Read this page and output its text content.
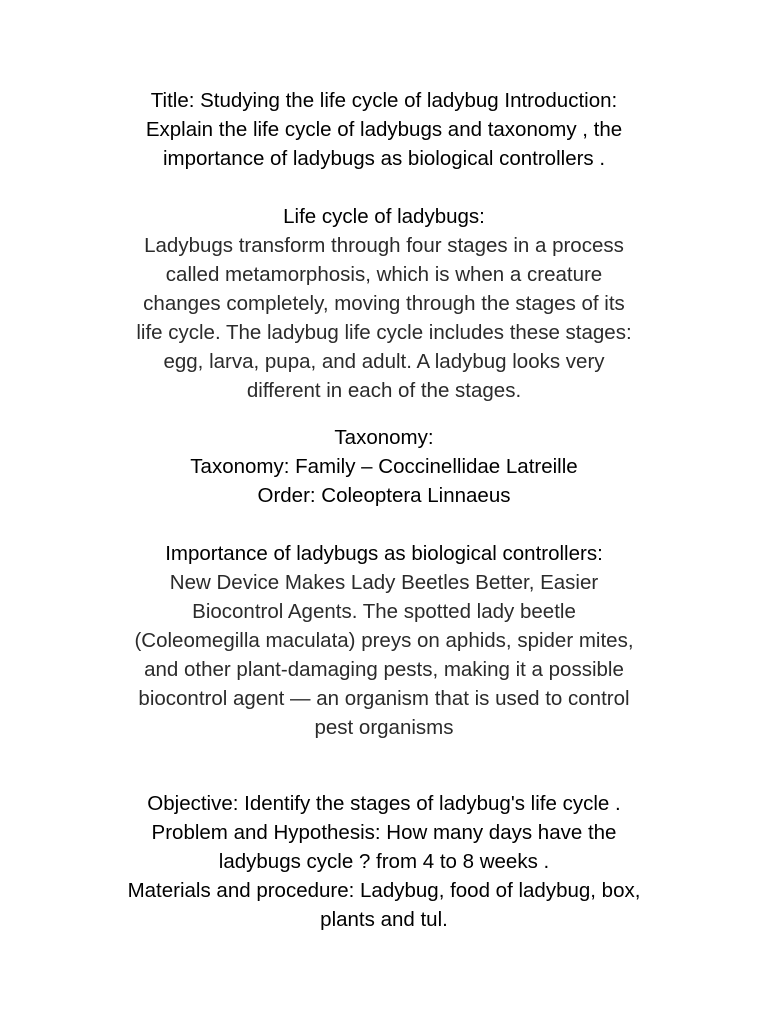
Title: Studying the life cycle of ladybug Introduction:
Explain the life cycle of ladybugs and taxonomy , the
importance of ladybugs as biological controllers .
Life cycle of ladybugs:
Ladybugs transform through four stages in a process
called metamorphosis, which is when a creature
changes completely, moving through the stages of its
life cycle. The ladybug life cycle includes these stages:
egg, larva, pupa, and adult. A ladybug looks very
different in each of the stages.
Taxonomy:
Taxonomy: Family – Coccinellidae Latreille
Order: Coleoptera Linnaeus
Importance of ladybugs as biological controllers:
New Device Makes Lady Beetles Better, Easier
Biocontrol Agents. The spotted lady beetle
(Coleomegilla maculata) preys on aphids, spider mites,
and other plant-damaging pests, making it a possible
biocontrol agent — an organism that is used to control
pest organisms
Objective: Identify the stages of ladybug's life cycle .
Problem and Hypothesis: How many days have the
ladybugs cycle ? from 4 to 8 weeks .
Materials and procedure: Ladybug, food of ladybug, box,
plants and tul.
